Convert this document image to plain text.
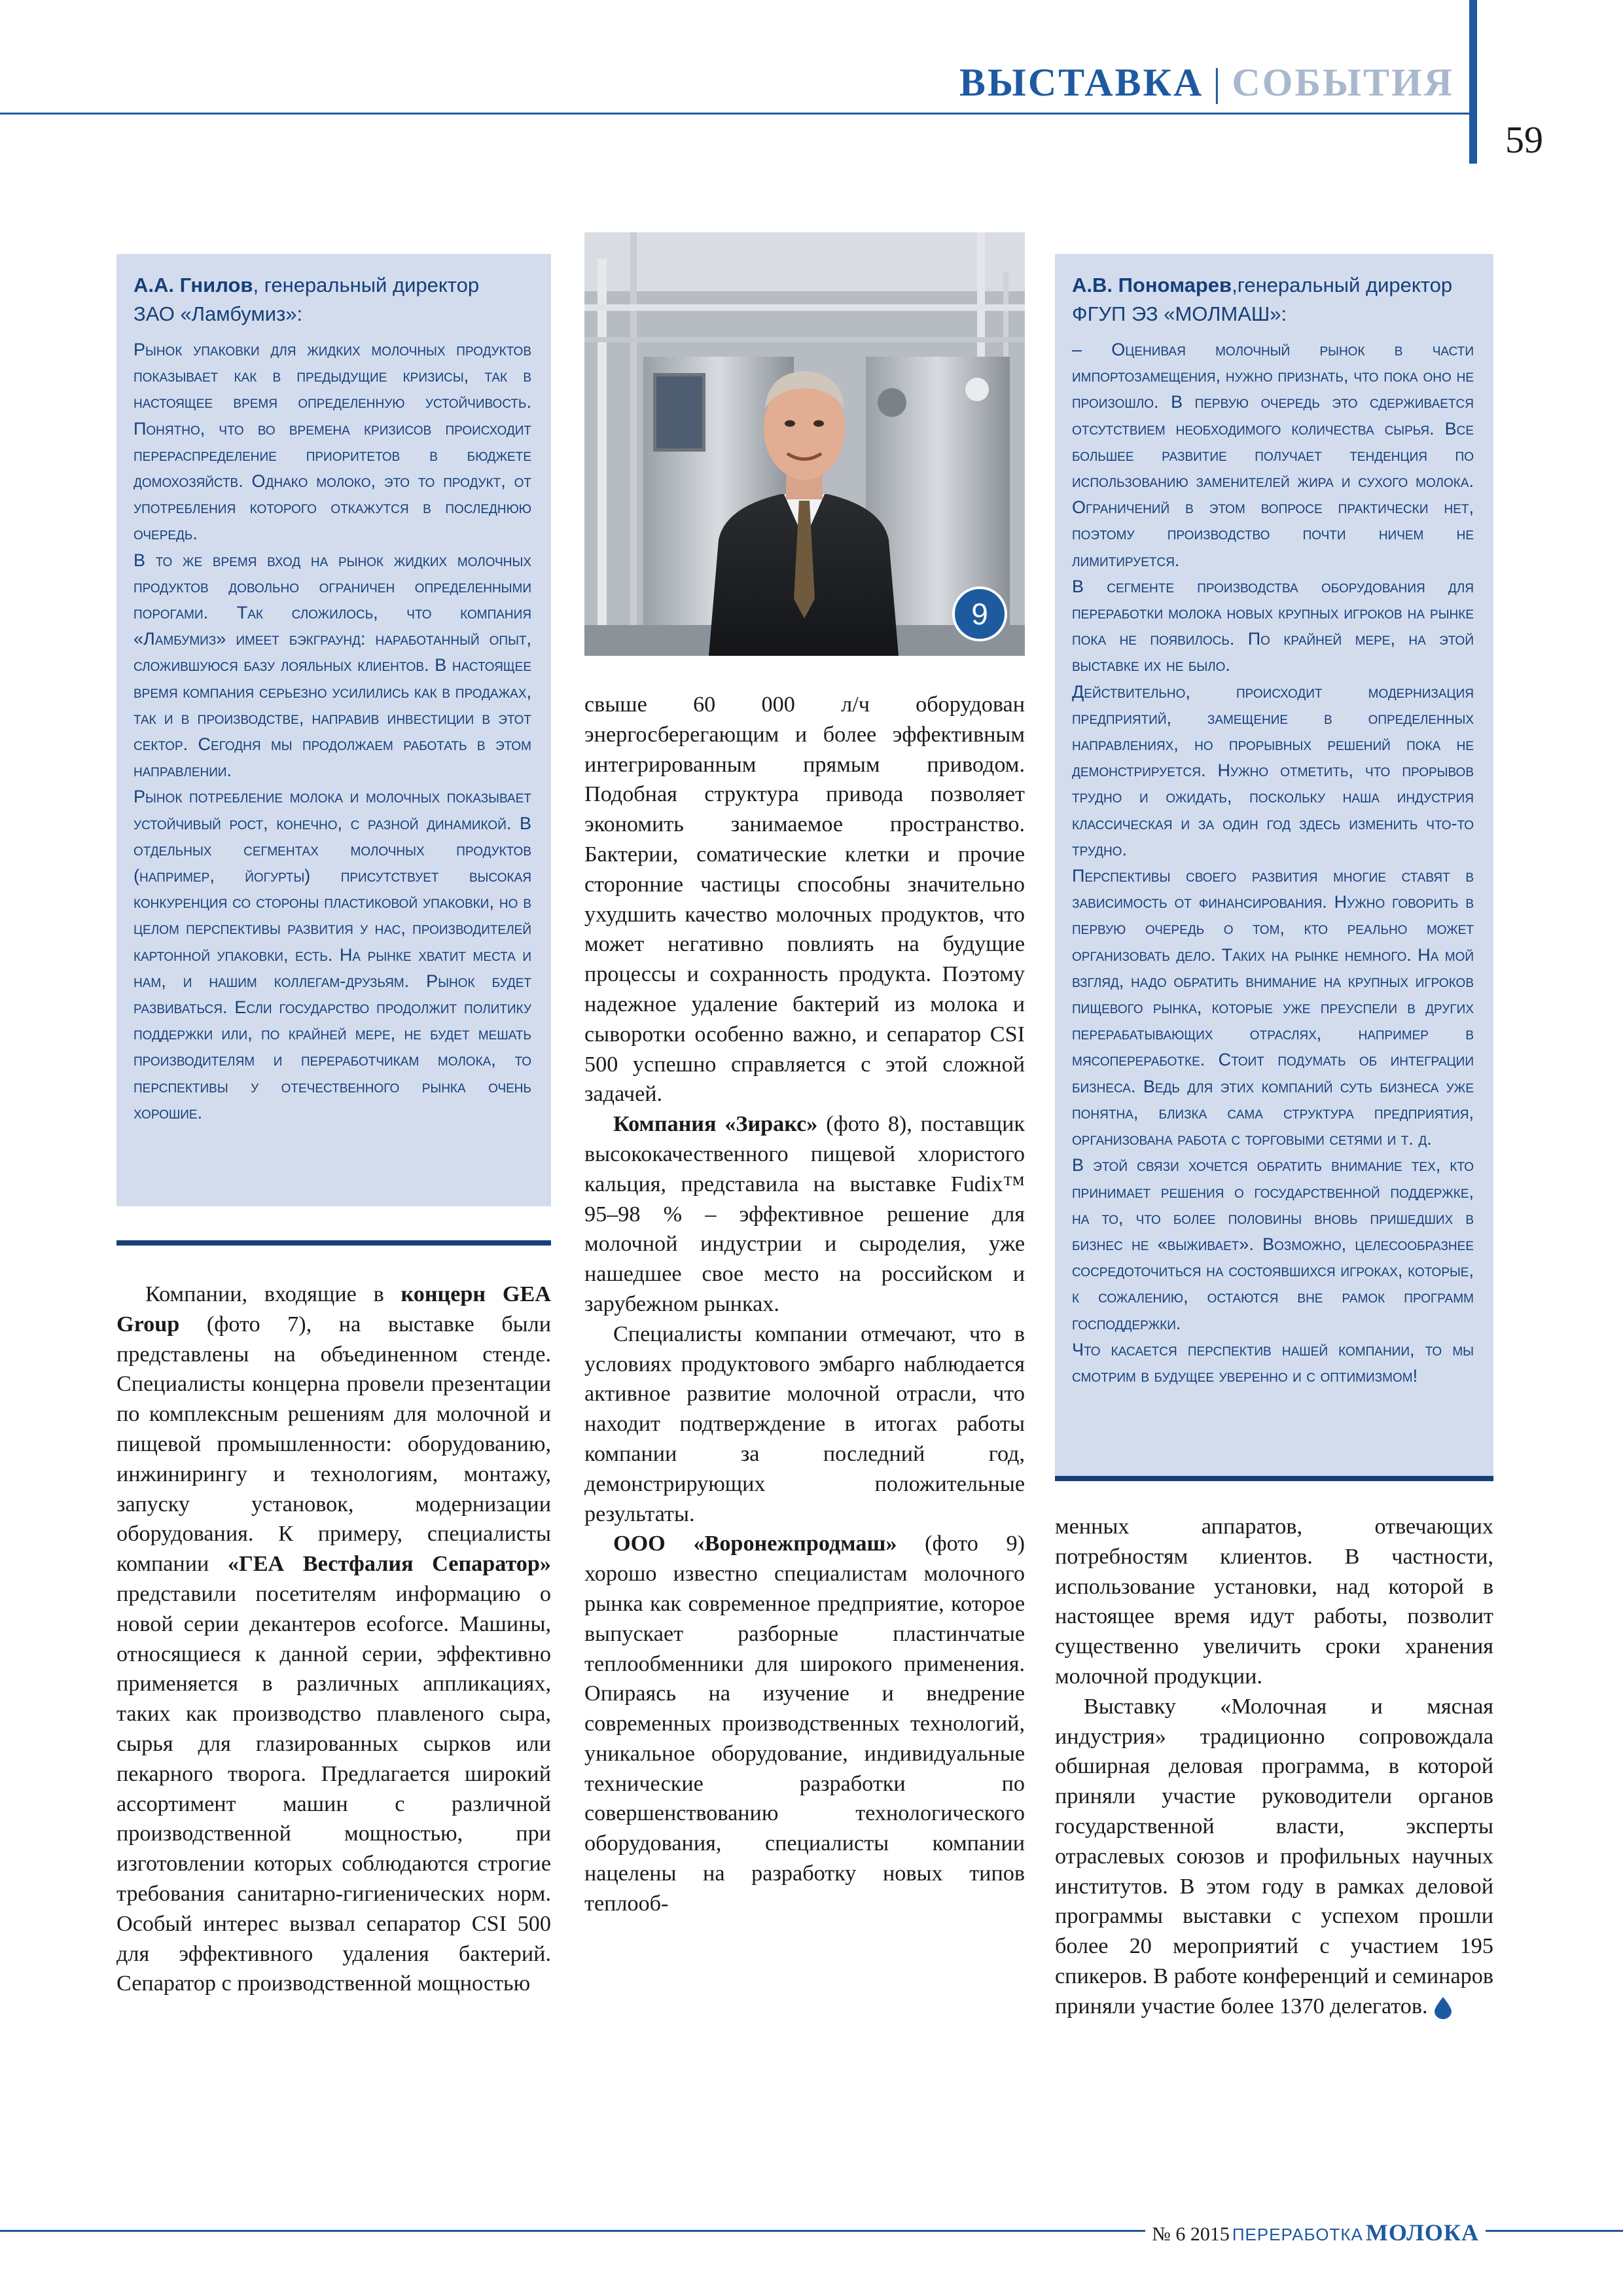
ВЫСТАВКА | СОБЫТИЯ
59
А.А. Гнилов, генеральный директор
ЗАО «Ламбумиз»:

Рынок упаковки для жидких молочных продуктов показывает как в предыдущие кризисы, так в настоящее время определенную устойчивость. Понятно, что во времена кризисов происходит перераспределение приоритетов в бюджете домохозяйств. Однако молоко, это то продукт, от употребления которого откажутся в последнюю очередь.

В то же время вход на рынок жидких молочных продуктов довольно ограничен определенными порогами. Так сложилось, что компания «Ламбумиз» имеет бэкграунд: наработанный опыт, сложившуюся базу лояльных клиентов. В настоящее время компания серьезно усилились как в продажах, так и в производстве, направив инвестиции в этот сектор. Сегодня мы продолжаем работать в этом направлении.

Рынок потребление молока и молочных показывает устойчивый рост, конечно, с разной динамикой. В отдельных сегментах молочных продуктов (например, йогурты) присутствует высокая конкуренция со стороны пластиковой упаковки, но в целом перспективы развития у нас, производителей картонной упаковки, есть. На рынке хватит места и нам, и нашим коллегам-друзьям. Рынок будет развиваться. Если государство продолжит политику поддержки или, по крайней мере, не будет мешать производителям и переработчикам молока, то перспективы у отечественного рынка очень хорошие.

9
А.В. Пономарев,генеральный директор
ФГУП ЭЗ «МОЛМАШ»:

– Оценивая молочный рынок в части импортозамещения, нужно признать, что пока оно не произошло. В первую очередь это сдерживается отсутствием необходимого количества сырья. Все большее развитие получает тенденция по использованию заменителей жира и сухого молока. Ограничений в этом вопросе практически нет, поэтому производство почти ничем не лимитируется.

В сегменте производства оборудования для переработки молока новых крупных игроков на рынке пока не появилось. По крайней мере, на этой выставке их не было.

Действительно, происходит модернизация предприятий, замещение в определенных направлениях, но прорывных решений пока не демонстрируется. Нужно отметить, что прорывов трудно и ожидать, поскольку наша индустрия классическая и за один год здесь изменить что-то трудно.

Перспективы своего развития многие ставят в зависимость от финансирования. Нужно говорить в первую очередь о том, кто реально может организовать дело. Таких на рынке немного. На мой взгляд, надо обратить внимание на крупных игроков пищевого рынка, которые уже преуспели в других перерабатывающих отраслях, например в мясопереработке. Стоит подумать об интеграции бизнеса. Ведь для этих компаний суть бизнеса уже понятна, близка сама структура предприятия, организована работа с торговыми сетями и т. д.

В этой связи хочется обратить внимание тех, кто принимает решения о государственной поддержке, на то, что более половины вновь пришедших в бизнес не «выживает». Возможно, целесообразнее сосредоточиться на состоявшихся игроках, которые, к сожалению, остаются вне рамок программ господдержки.

Что касается перспектив нашей компании, то мы смотрим в будущее уверенно и с оптимизмом!

Компании, входящие в концерн GEA Group (фото 7), на выставке были представлены на объединенном стенде. Специалисты концерна провели презентации по комплексным решениям для молочной и пищевой промышленности: оборудованию, инжинирингу и технологиям, монтажу, запуску установок, модернизации оборудования. К примеру, специалисты компании «ГЕА Вестфалия Сепаратор» представили посетителям информацию о новой серии декантеров ecoforce. Машины, относящиеся к данной серии, эффективно применяется в различных аппликациях, таких как производство плавленого сыра, сырья для глазированных сырков или пекарного творога. Предлагается широкий ассортимент машин с различной производственной мощностью, при изготовлении которых соблюдаются строгие требования санитарно-гигиенических норм. Особый интерес вызвал сепаратор CSI 500 для эффективного удаления бактерий. Сепаратор с производственной мощностью

свыше 60 000 л/ч оборудован энергосберегающим и более эффективным интегрированным прямым приводом. Подобная структура привода позволяет экономить занимаемое пространство. Бактерии, соматические клетки и прочие сторонние частицы способны значительно ухудшить качество молочных продуктов, что может негативно повлиять на будущие процессы и сохранность продукта. Поэтому надежное удаление бактерий из молока и сыворотки особенно важно, и сепаратор CSI 500 успешно справляется с этой сложной задачей.

Компания «Зиракс» (фото 8), поставщик высококачественного пищевой хлористого кальция, представила на выставке Fudix™ 95–98 % – эффективное решение для молочной индустрии и сыроделия, уже нашедшее свое место на российском и зарубежном рынках.

Специалисты компании отмечают, что в условиях продуктового эмбарго наблюдается активное развитие молочной отрасли, что находит подтверждение в итогах работы компании за последний год, демонстрирующих положительные результаты.

ООО «Воронежпродмаш» (фото 9) хорошо известно специалистам молочного рынка как современное предприятие, которое выпускает разборные пластинчатые теплообменники для широкого применения. Опираясь на изучение и внедрение современных производственных технологий, уникальное оборудование, индивидуальные технические разработки по совершенствованию технологического оборудования, специалисты компании нацелены на разработку новых типов теплооб-

менных аппаратов, отвечающих потребностям клиентов. В частности, использование установки, над которой в настоящее время идут работы, позволит существенно увеличить сроки хранения молочной продукции.

Выставку «Молочная и мясная индустрия» традиционно сопровождала обширная деловая программа, в которой приняли участие руководители органов государственной власти, эксперты отраслевых союзов и профильных научных институтов. В этом году в рамках деловой программы выставки с успехом прошли более 20 мероприятий с участием 195 спикеров. В работе конференций и семинаров приняли участие более 1370 делегатов.

№ 6 2015 ПЕРЕРАБОТКА МОЛОКА
